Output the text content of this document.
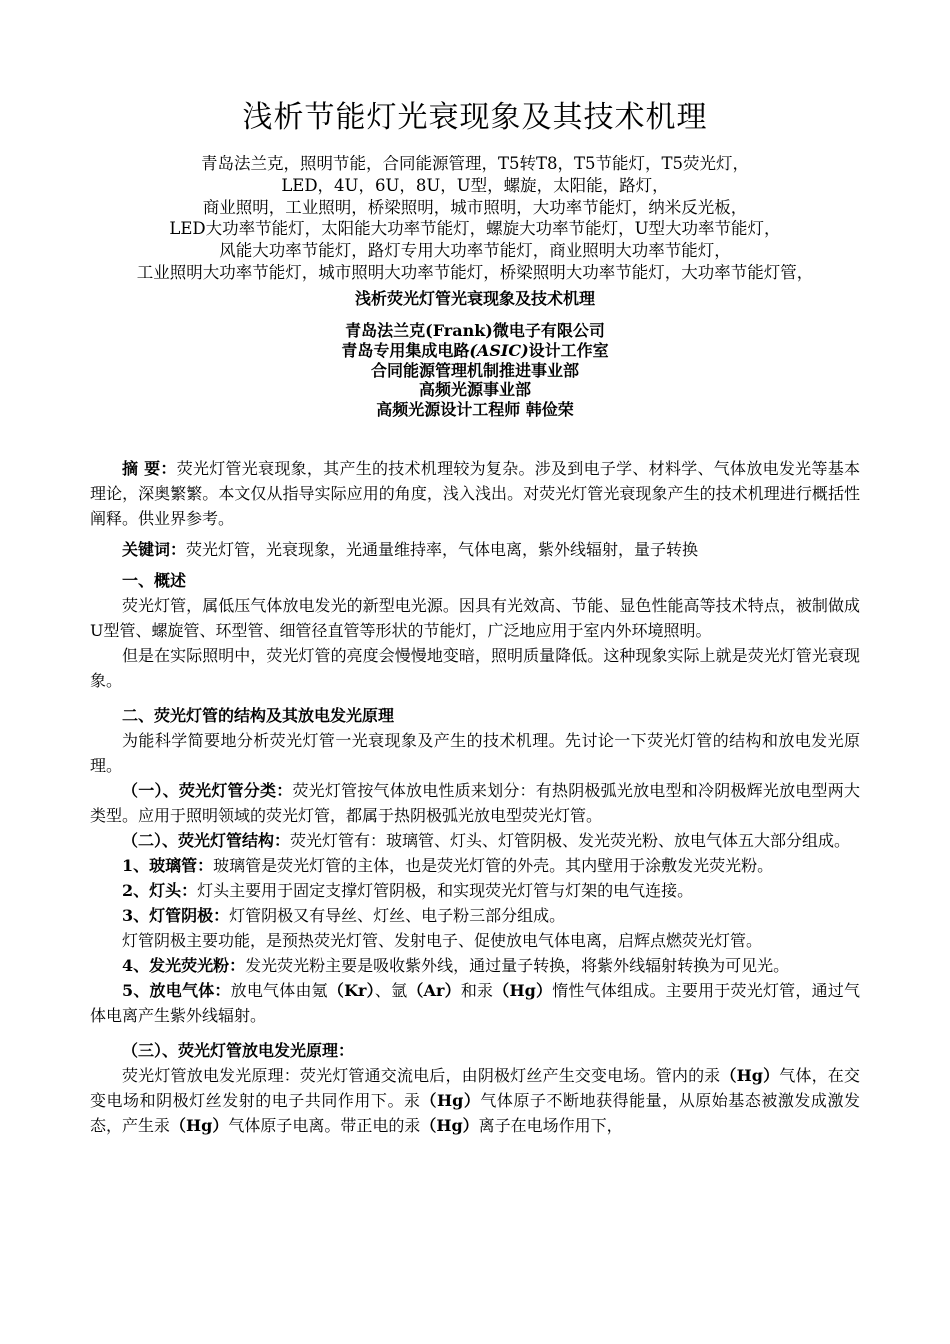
浅析节能灯光衰现象及其技术机理
青岛法兰克，照明节能，合同能源管理，T5转T8，T5节能灯，T5荧光灯，
LED，4U，6U，8U，U型，螺旋，太阳能，路灯，
商业照明，工业照明，桥梁照明，城市照明，大功率节能灯，纳米反光板，
LED大功率节能灯，太阳能大功率节能灯，螺旋大功率节能灯，U型大功率节能灯，
风能大功率节能灯，路灯专用大功率节能灯，商业照明大功率节能灯，
工业照明大功率节能灯，城市照明大功率节能灯，桥梁照明大功率节能灯，大功率节能灯管，
浅析荧光灯管光衰现象及技术机理
青岛法兰克(Frank)微电子有限公司
青岛专用集成电路(ASIC)设计工作室
合同能源管理机制推进事业部
高频光源事业部
高频光源设计工程师 韩俭荣

摘 要：荧光灯管光衰现象，其产生的技术机理较为复杂。涉及到电子学、材料学、气体放电发光等基本理论，深奥繁繁。本文仅从指导实际应用的角度，浅入浅出。对荧光灯管光衰现象产生的技术机理进行概括性阐释。供业界参考。

关键词：荧光灯管，光衰现象，光通量维持率，气体电离，紫外线辐射，量子转换

一、概述

荧光灯管，属低压气体放电发光的新型电光源。因具有光效高、节能、显色性能高等技术特点，被制做成U型管、螺旋管、环型管、细管径直管等形状的节能灯，广泛地应用于室内外环境照明。

但是在实际照明中，荧光灯管的亮度会慢慢地变暗，照明质量降低。这种现象实际上就是荧光灯管光衰现象。

二、荧光灯管的结构及其放电发光原理

为能科学简要地分析荧光灯管一光衰现象及产生的技术机理。先讨论一下荧光灯管的结构和放电发光原理。

（一）、荧光灯管分类：荧光灯管按气体放电性质来划分：有热阴极弧光放电型和冷阴极辉光放电型两大类型。应用于照明领域的荧光灯管，都属于热阴极弧光放电型荧光灯管。

（二）、荧光灯管结构：荧光灯管有：玻璃管、灯头、灯管阴极、发光荧光粉、放电气体五大部分组成。

1、玻璃管：玻璃管是荧光灯管的主体，也是荧光灯管的外壳。其内壁用于涂敷发光荧光粉。

2、灯头：灯头主要用于固定支撑灯管阴极，和实现荧光灯管与灯架的电气连接。

3、灯管阴极：灯管阴极又有导丝、灯丝、电子粉三部分组成。

灯管阴极主要功能，是预热荧光灯管、发射电子、促使放电气体电离，启辉点燃荧光灯管。

4、发光荧光粉：发光荧光粉主要是吸收紫外线，通过量子转换，将紫外线辐射转换为可见光。

5、放电气体：放电气体由氪（Kr）、氩（Ar）和汞（Hg）惰性气体组成。主要用于荧光灯管，通过气体电离产生紫外线辐射。

（三）、荧光灯管放电发光原理：

荧光灯管放电发光原理：荧光灯管通交流电后，由阴极灯丝产生交变电场。管内的汞（Hg）气体，在交变电场和阴极灯丝发射的电子共同作用下。汞（Hg）气体原子不断地获得能量，从原始基态被激发成激发态，产生汞（Hg）气体原子电离。带正电的汞（Hg）离子在电场作用下，
